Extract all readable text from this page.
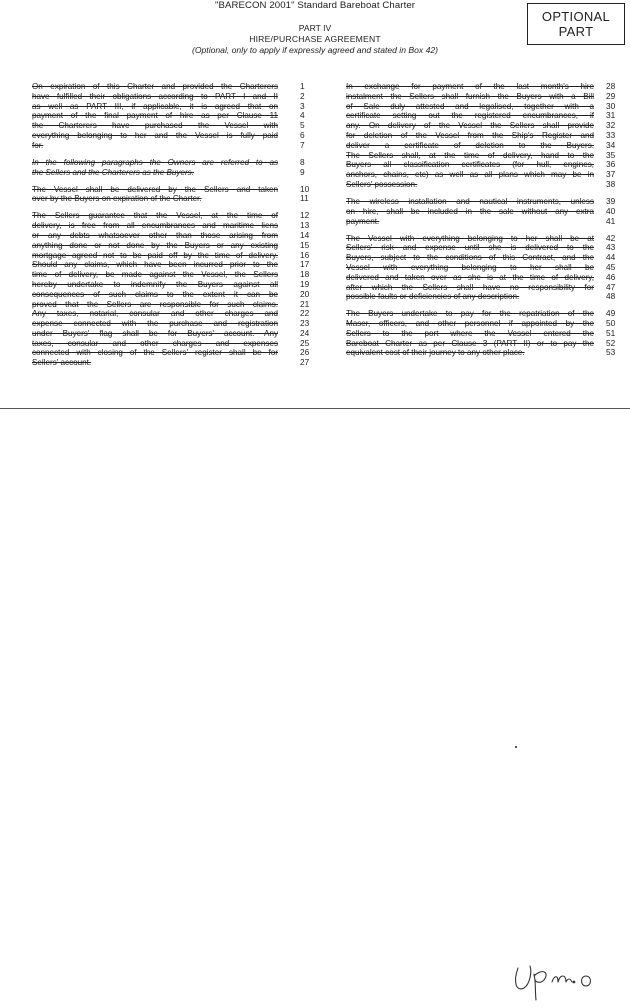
"BARECON 2001" Standard Bareboat Charter
OPTIONAL
PART
PART IV
HIRE/PURCHASE AGREEMENT
(Optional, only to apply if expressly agreed and stated in Box 42)
On expiration of this Charter and provided the Charterers	1
have fulfilled their obligations according to PART I and II	2
as well as PART III, if applicable, it is agreed that on	3
payment of the final payment of hire as per Clause 11	4
the Charterers have purchased the Vessel with	5
everything belonging to her and the Vessel is fully paid	6
for.	7
In the following paragraphs the Owners are referred to as	8
the Sellers and the Charterers as the Buyers.	9
The Vessel shall be delivered by the Sellers and taken	10
over by the Buyers on expiration of the Charter.	11
The Sellers guarantee that the Vessel, at the time of	12
delivery, is free from all encumbrances and maritime liens	13
or any debts whatsoever other than those arising from	14
anything done or not done by the Buyers or any existing	15
mortgage agreed not to be paid off by the time of delivery.	16
Should any claims, which have been incurred prior to the	17
time of delivery, be made against the Vessel, the Sellers	18
hereby undertake to indemnify the Buyers against all	19
consequences of such claims to the extent it can be	20
proved that the Sellers are responsible for such claims.	21
Any taxes, notarial, consular and other charges and	22
expense connected with the purchase and registration	23
under Buyers' flag shall be for Buyers' account. Any	24
taxes, consular and other charges and expenses	25
connected with closing of the Sellers' register shall be for	26
Sellers' account.	27
In exchange for payment of the last month's hire 28
instalment the Sellers shall furnish the Buyers with a Bill 29
of Sale duly attested and legalised, together with a 30
certificate setting out the registered encumbrances, if 31
any. On delivery of the Vessel the Sellers shall provide 32
for deletion of the Vessel from the Ship's Register and 33
deliver a certificate of deletion to the Buyers. 34
The Sellers shall, at the time of delivery, hand to the 35
Buyers all classification certificates (for hull, engines, 36
anchors, chains, etc) as well as all plans which may be in 37
Sellers' possession.	38
The wireless installation and nautical instruments, unless 39
on hire, shall be included in the sale without any extra 40
payment.	41
The Vessel with everything belonging to her shall be at 42
Sellers' risk and expense until she is delivered to the 43
Buyers, subject to the conditions of this Contract, and the 44
Vessel with everything belonging to her shall be 45
delivered and taken over as she is at the time of delivery, 46
after which the Sellers shall have no responsibility for 47
possible faults or deficiencies of any description.	48
The Buyers undertake to pay for the repatriation of the 49
Maser, officers, and other personnel if appointed by the 50
Sellers to the port where the Vessel entered the 51
Bareboat Charter as per Clause 3 (PART II) or to pay the 52
equivalent cost of their journey to any other place.	53
